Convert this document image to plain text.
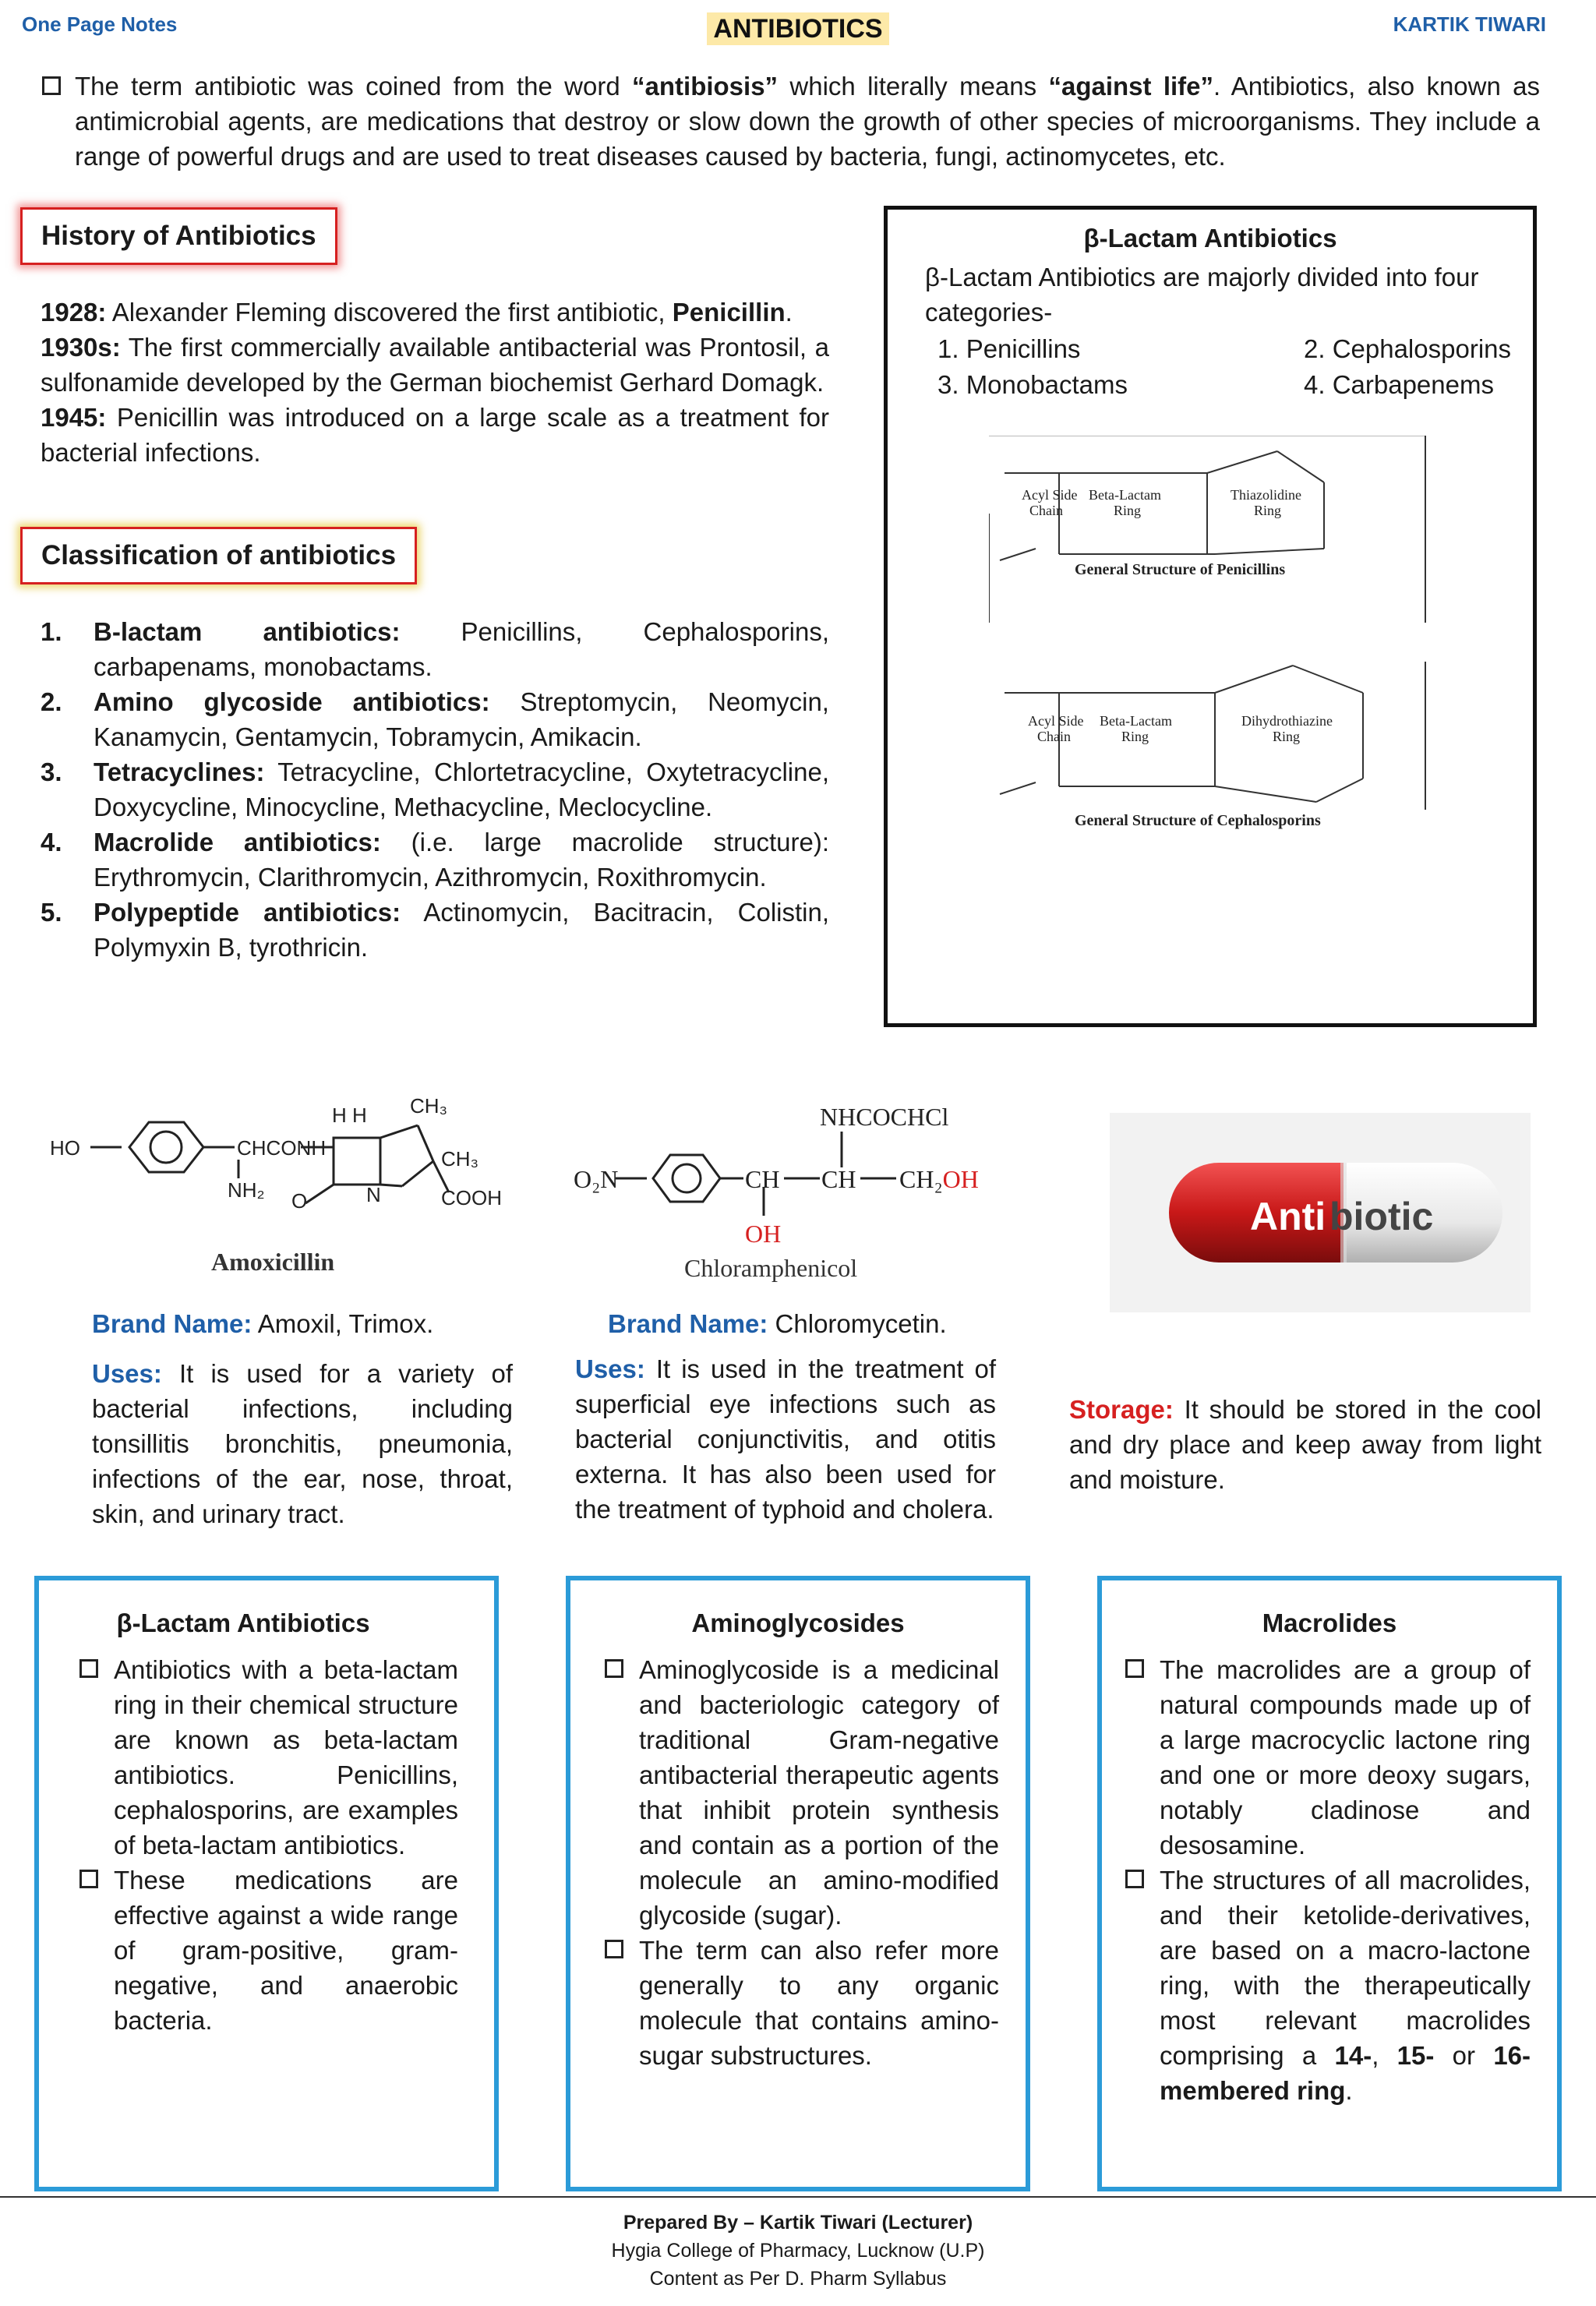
One Page Notes	ANTIBIOTICS	KARTIK TIWARI
The term antibiotic was coined from the word “antibiosis” which literally means “against life”. Antibiotics, also known as antimicrobial agents, are medications that destroy or slow down the growth of other species of microorganisms. They include a range of powerful drugs and are used to treat diseases caused by bacteria, fungi, actinomycetes, etc.
History of Antibiotics

1928: Alexander Fleming discovered the first antibiotic, Penicillin.

1930s: The first commercially available antibacterial was Prontosil, a sulfonamide developed by the German biochemist Gerhard Domagk.

1945: Penicillin was introduced on a large scale as a treatment for bacterial infections.

Classification of antibiotics
1. B-lactam antibiotics: Penicillins, Cephalosporins, carbapenams, monobactams.
2. Amino glycoside antibiotics: Streptomycin, Neomycin, Kanamycin, Gentamycin, Tobramycin, Amikacin.
3. Tetracyclines: Tetracycline, Chlortetracycline, Oxytetracycline, Doxycycline, Minocycline, Methacycline, Meclocycline.
4. Macrolide antibiotics: (i.e. large macrolide structure): Erythromycin, Clarithromycin, Azithromycin, Roxithromycin.
5. Polypeptide antibiotics: Actinomycin, Bacitracin, Colistin, Polymyxin B, tyrothricin.
β-Lactam Antibiotics
β-Lactam Antibiotics are majorly divided into four categories-
1. Penicillins	2. Cephalosporins
3. Monobactams	4. Carbapenems
Acyl Side
Chain
Beta-Lactam
Ring
Thiazolidine
Ring
General Structure of Penicillins
Acyl Side
Chain
Beta-Lactam
Ring
Dihydrothiazine
Ring
General Structure of Cephalosporins
HO	CHCONH
NH₂
H H CH₃
CH₃
COOH
O	N
Amoxicillin
O₂N	CH CH CH₂OH
OH
NHCOCHCl
Chloramphenicol
Anti biotic
Brand Name: Amoxil, Trimox.
Uses: It is used for a variety of bacterial infections, including tonsillitis bronchitis, pneumonia, infections of the ear, nose, throat, skin, and urinary tract.
Brand Name: Chloromycetin.
Uses: It is used in the treatment of superficial eye infections such as bacterial conjunctivitis, and otitis externa. It has also been used for the treatment of typhoid and cholera.
Storage: It should be stored in the cool and dry place and keep away from light and moisture.
β-Lactam Antibiotics

Antibiotics with a beta-lactam ring in their chemical structure are known as beta-lactam antibiotics. Penicillins, cephalosporins, are examples of beta-lactam antibiotics.

These medications are effective against a wide range of gram-positive, gram-negative, and anaerobic bacteria.

Aminoglycosides

Aminoglycoside is a medicinal and bacteriologic category of traditional Gram-negative antibacterial therapeutic agents that inhibit protein synthesis and contain as a portion of the molecule an amino-modified glycoside (sugar).

The term can also refer more generally to any organic molecule that contains amino-sugar substructures.

Macrolides

The macrolides are a group of natural compounds made up of a large macrocyclic lactone ring and one or more deoxy sugars, notably cladinose and desosamine.

The structures of all macrolides, and their ketolide-derivatives, are based on a macro-lactone ring, with the therapeutically most relevant macrolides comprising a 14-, 15- or 16- membered ring.

Prepared By – Kartik Tiwari (Lecturer)
Hygia College of Pharmacy, Lucknow (U.P)
Content as Per D. Pharm Syllabus
